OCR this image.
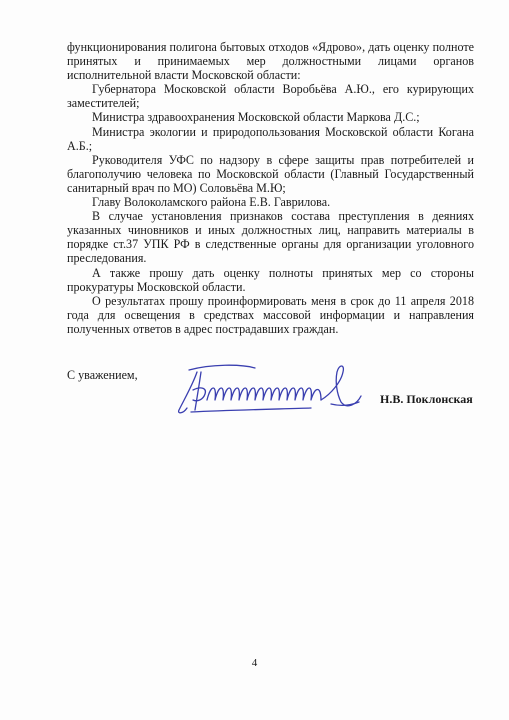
функционирования полигона бытовых отходов «Ядрово», дать оценку полноте принятых и принимаемых мер должностными лицами органов исполнительной власти Московской области:

Губернатора Московской области Воробьёва А.Ю., его курирующих заместителей;

Министра здравоохранения Московской области Маркова Д.С.;

Министра экологии и природопользования Московской области Когана А.Б.;

Руководителя УФС по надзору в сфере защиты прав потребителей и благополучию человека по Московской области (Главный Государственный санитарный врач по МО) Соловьёва М.Ю;

Главу Волоколамского района Е.В. Гаврилова.

В случае установления признаков состава преступления в деяниях указанных чиновников и иных должностных лиц, направить материалы в порядке ст.37 УПК РФ в следственные органы для организации уголовного преследования.

А также прошу дать оценку полноты принятых мер со стороны прокуратуры Московской области.

О результатах прошу проинформировать меня в срок до 11 апреля 2018 года для освещения в средствах массовой информации и направления полученных ответов в адрес пострадавших граждан.

С уважением,
Н.В. Поклонская
4
